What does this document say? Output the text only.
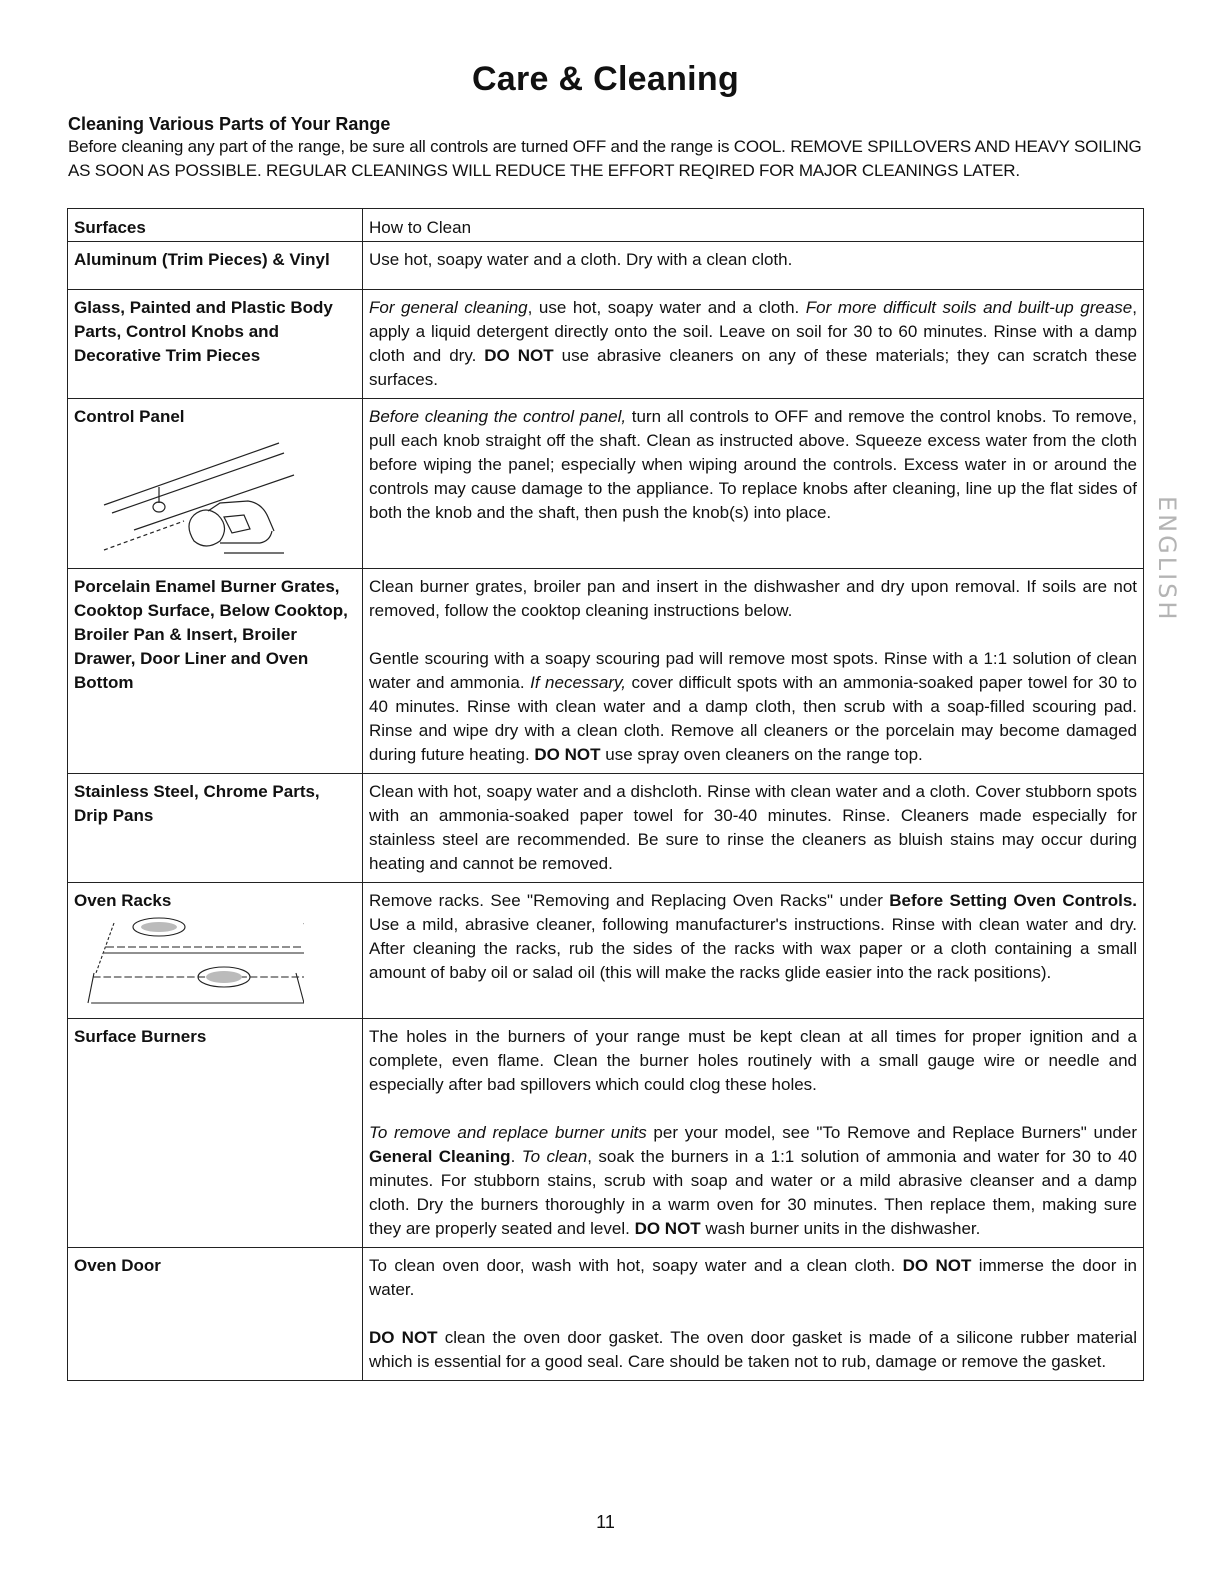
Care & Cleaning
Cleaning Various Parts of Your Range
Before cleaning any part of the range, be sure all controls are turned OFF and the range is COOL. REMOVE SPILLOVERS AND HEAVY SOILING AS SOON AS POSSIBLE. REGULAR CLEANINGS WILL REDUCE THE EFFORT REQIRED FOR MAJOR CLEANINGS LATER.
Surfaces	How to Clean
Aluminum (Trim Pieces) & Vinyl	Use hot, soapy water and a cloth. Dry with a clean cloth.

Glass, Painted and Plastic Body Parts, Control Knobs and Decorative Trim Pieces	For general cleaning, use hot, soapy water and a cloth. For more difficult soils and built-up grease, apply a liquid detergent directly onto the soil. Leave on soil for 30 to 60 minutes. Rinse with a damp cloth and dry. DO NOT use abrasive cleaners on any of these materials; they can scratch these surfaces.

Control Panel	Before cleaning the control panel, turn all controls to OFF and remove the control knobs. To remove, pull each knob straight off the shaft. Clean as instructed above. Squeeze excess water from the cloth before wiping the panel; especially when wiping around the controls. Excess water in or around the controls may cause damage to the appliance. To replace knobs after cleaning, line up the flat sides of both the knob and the shaft, then push the knob(s) into place.

Porcelain Enamel Burner Grates, Cooktop Surface, Below Cooktop, Broiler Pan & Insert, Broiler Drawer, Door Liner and Oven Bottom	Clean burner grates, broiler pan and insert in the dishwasher and dry upon removal. If soils are not removed, follow the cooktop cleaning instructions below.

Gentle scouring with a soapy scouring pad will remove most spots. Rinse with a 1:1 solution of clean water and ammonia. If necessary, cover difficult spots with an ammonia-soaked paper towel for 30 to 40 minutes. Rinse with clean water and a damp cloth, then scrub with a soap-filled scouring pad. Rinse and wipe dry with a clean cloth. Remove all cleaners or the porcelain may become damaged during future heating. DO NOT use spray oven cleaners on the range top.

Stainless Steel, Chrome Parts, Drip Pans	Clean with hot, soapy water and a dishcloth. Rinse with clean water and a cloth. Cover stubborn spots with an ammonia-soaked paper towel for 30-40 minutes. Rinse. Cleaners made especially for stainless steel are recommended. Be sure to rinse the cleaners as bluish stains may occur during heating and cannot be removed.

Oven Racks	Remove racks. See "Removing and Replacing Oven Racks" under Before Setting Oven Controls. Use a mild, abrasive cleaner, following manufacturer's instructions. Rinse with clean water and dry. After cleaning the racks, rub the sides of the racks with wax paper or a cloth containing a small amount of baby oil or salad oil (this will make the racks glide easier into the rack positions).

Surface Burners	The holes in the burners of your range must be kept clean at all times for proper ignition and a complete, even flame. Clean the burner holes routinely with a small gauge wire or needle and especially after bad spillovers which could clog these holes.

To remove and replace burner units per your model, see "To Remove and Replace Burners" under General Cleaning. To clean, soak the burners in a 1:1 solution of ammonia and water for 30 to 40 minutes. For stubborn stains, scrub with soap and water or a mild abrasive cleanser and a damp cloth. Dry the burners thoroughly in a warm oven for 30 minutes. Then replace them, making sure they are properly seated and level. DO NOT wash burner units in the dishwasher.

Oven Door	To clean oven door, wash with hot, soapy water and a clean cloth. DO NOT immerse the door in water.

DO NOT clean the oven door gasket. The oven door gasket is made of a silicone rubber material which is essential for a good seal. Care should be taken not to rub, damage or remove the gasket.

ENGLISH
11
